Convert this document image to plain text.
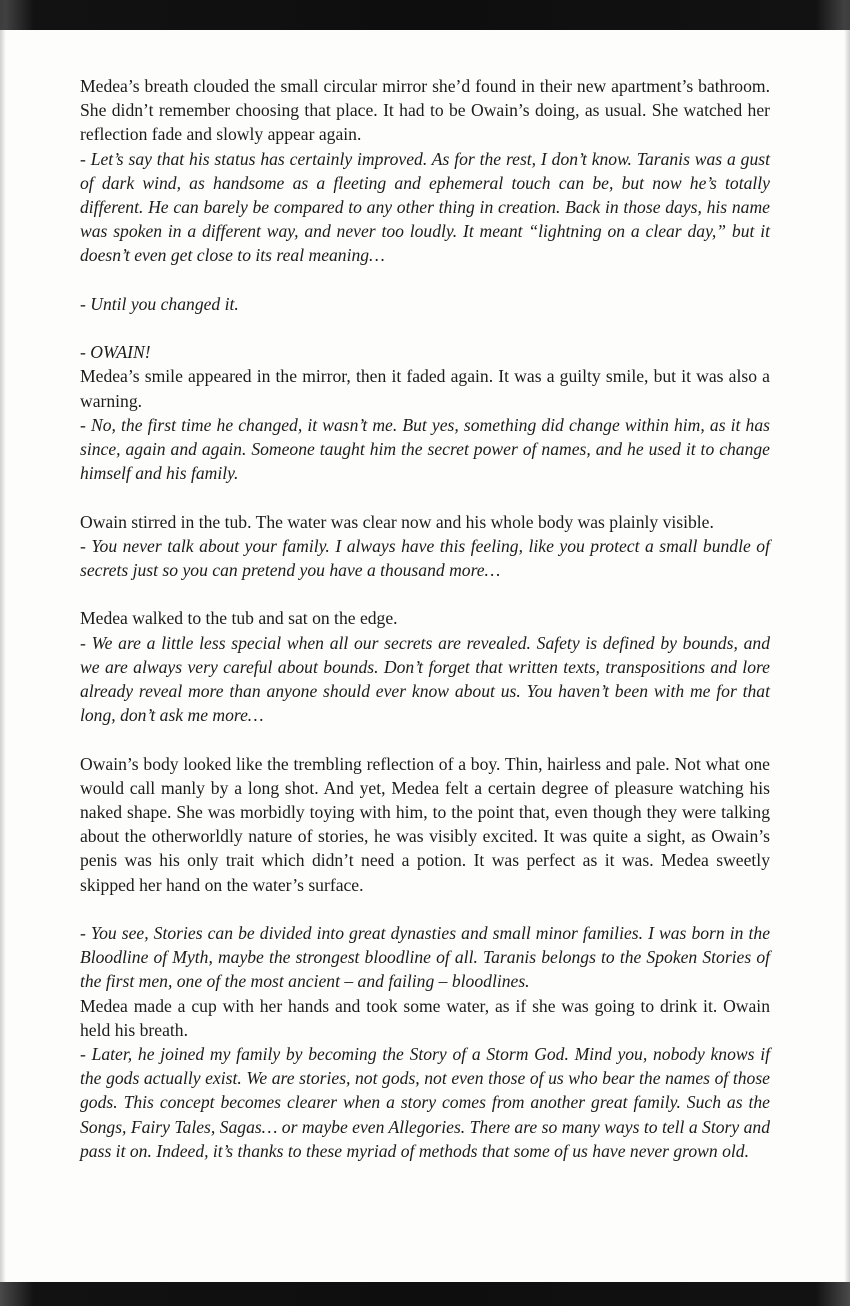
Medea’s breath clouded the small circular mirror she’d found in their new apartment’s bathroom. She didn’t remember choosing that place. It had to be Owain’s doing, as usual. She watched her reflection fade and slowly appear again.

- Let’s say that his status has certainly improved. As for the rest, I don’t know. Taranis was a gust of dark wind, as handsome as a fleeting and ephemeral touch can be, but now he’s totally different. He can barely be compared to any other thing in creation. Back in those days, his name was spoken in a different way, and never too loudly. It meant “lightning on a clear day,” but it doesn’t even get close to its real meaning…

- Until you changed it.

- OWAIN!

Medea’s smile appeared in the mirror, then it faded again. It was a guilty smile, but it was also a warning.

- No, the first time he changed, it wasn’t me. But yes, something did change within him, as it has since, again and again. Someone taught him the secret power of names, and he used it to change himself and his family.

Owain stirred in the tub. The water was clear now and his whole body was plainly visible.

- You never talk about your family. I always have this feeling, like you protect a small bundle of secrets just so you can pretend you have a thousand more…

Medea walked to the tub and sat on the edge.

- We are a little less special when all our secrets are revealed. Safety is defined by bounds, and we are always very careful about bounds. Don’t forget that written texts, transpositions and lore already reveal more than anyone should ever know about us. You haven’t been with me for that long, don’t ask me more…

Owain’s body looked like the trembling reflection of a boy. Thin, hairless and pale. Not what one would call manly by a long shot. And yet, Medea felt a certain degree of pleasure watching his naked shape. She was morbidly toying with him, to the point that, even though they were talking about the otherworldly nature of stories, he was visibly excited. It was quite a sight, as Owain’s penis was his only trait which didn’t need a potion. It was perfect as it was. Medea sweetly skipped her hand on the water’s surface.

- You see, Stories can be divided into great dynasties and small minor families. I was born in the Bloodline of Myth, maybe the strongest bloodline of all. Taranis belongs to the Spoken Stories of the first men, one of the most ancient – and failing – bloodlines.

Medea made a cup with her hands and took some water, as if she was going to drink it. Owain held his breath.

- Later, he joined my family by becoming the Story of a Storm God. Mind you, nobody knows if the gods actually exist. We are stories, not gods, not even those of us who bear the names of those gods. This concept becomes clearer when a story comes from another great family. Such as the Songs, Fairy Tales, Sagas… or maybe even Allegories. There are so many ways to tell a Story and pass it on. Indeed, it’s thanks to these myriad of methods that some of us have never grown old.
